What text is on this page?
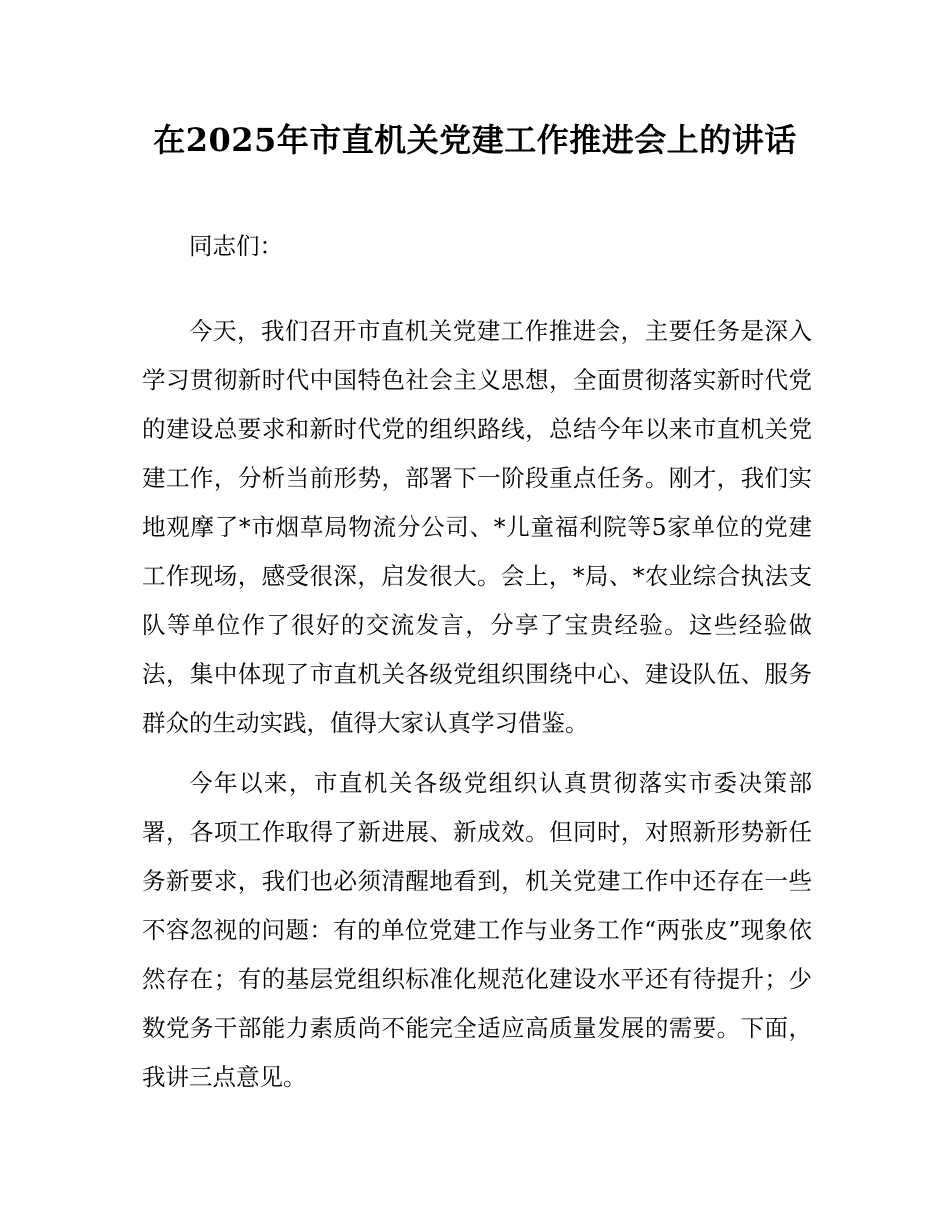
在2025年市直机关党建工作推进会上的讲话

同志们：

今天，我们召开市直机关党建工作推进会，主要任务是深入学习贯彻新时代中国特色社会主义思想，全面贯彻落实新时代党的建设总要求和新时代党的组织路线，总结今年以来市直机关党建工作，分析当前形势，部署下一阶段重点任务。刚才，我们实地观摩了*市烟草局物流分公司、*儿童福利院等5家单位的党建工作现场，感受很深，启发很大。会上，*局、*农业综合执法支队等单位作了很好的交流发言，分享了宝贵经验。这些经验做法，集中体现了市直机关各级党组织围绕中心、建设队伍、服务群众的生动实践，值得大家认真学习借鉴。

今年以来，市直机关各级党组织认真贯彻落实市委决策部署，各项工作取得了新进展、新成效。但同时，对照新形势新任务新要求，我们也必须清醒地看到，机关党建工作中还存在一些不容忽视的问题：有的单位党建工作与业务工作“两张皮”现象依然存在；有的基层党组织标准化规范化建设水平还有待提升；少数党务干部能力素质尚不能完全适应高质量发展的需要。下面，我讲三点意见。
